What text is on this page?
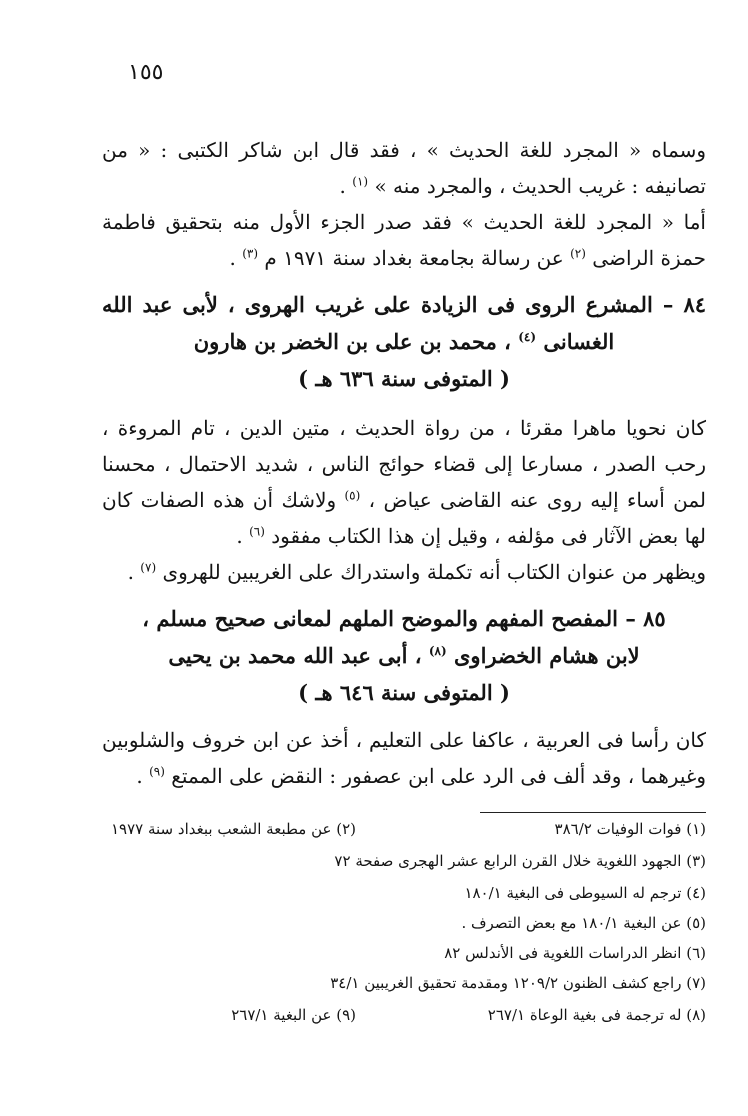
١٥٥

وسماه « المجرد للغة الحديث » ، فقد قال ابن شاكر الكتبى : « من تصانيفه : غريب الحديث ، والمجرد منه » $^{(١)}$ .

أما « المجرد للغة الحديث » فقد صدر الجزء الأول منه بتحقيق فاطمة حمزة الراضى $^{(٢)}$ عن رسالة بجامعة بغداد سنة ١٩٧١ م $^{(٣)}$ .

٨٤ – المشرع الروى فى الزيادة على غريب الهروى ، لأبى عبد الله
الغسانى $^{(٤)}$ ، محمد بن على بن الخضر بن هارون
( المتوفى سنة ٦٣٦ هـ )

كان نحويا ماهرا مقرئا ، من رواة الحديث ، متين الدين ، تام المروءة ، رحب الصدر ، مسارعا إلى قضاء حوائج الناس ، شديد الاحتمال ، محسنا لمن أساء إليه روى عنه القاضى عياض ، $^{(٥)}$ ولاشك أن هذه الصفات كان لها بعض الآثار فى مؤلفه ، وقيل إن هذا الكتاب مفقود $^{(٦)}$ .

ويظهر من عنوان الكتاب أنه تكملة واستدراك على الغريبين للهروى $^{(٧)}$ .

٨٥ – المفصح المفهم والموضح الملهم لمعانى صحيح مسلم ،
لابن هشام الخضراوى $^{(٨)}$ ، أبى عبد الله محمد بن يحيى
( المتوفى سنة ٦٤٦ هـ )

كان رأسا فى العربية ، عاكفا على التعليم ، أخذ عن ابن خروف والشلوبين وغيرهما ، وقد ألف فى الرد على ابن عصفور : النقض على الممتع $^{(٩)}$ .

(١) فوات الوفيات ٣٨٦/٢

(٢) عن مطبعة الشعب ببغداد سنة ١٩٧٧

(٣) الجهود اللغوية خلال القرن الرابع عشر الهجرى صفحة ٧٢

(٤) ترجم له السيوطى فى البغية ١٨٠/١

(٥) عن البغية ١٨٠/١ مع بعض التصرف .

(٦) انظر الدراسات اللغوية فى الأندلس ٨٢

(٧) راجع كشف الظنون ١٢٠٩/٢ ومقدمة تحقيق الغريبين ٣٤/١

(٨) له ترجمة فى بغية الوعاة ٢٦٧/١

(٩) عن البغية ٢٦٧/١
